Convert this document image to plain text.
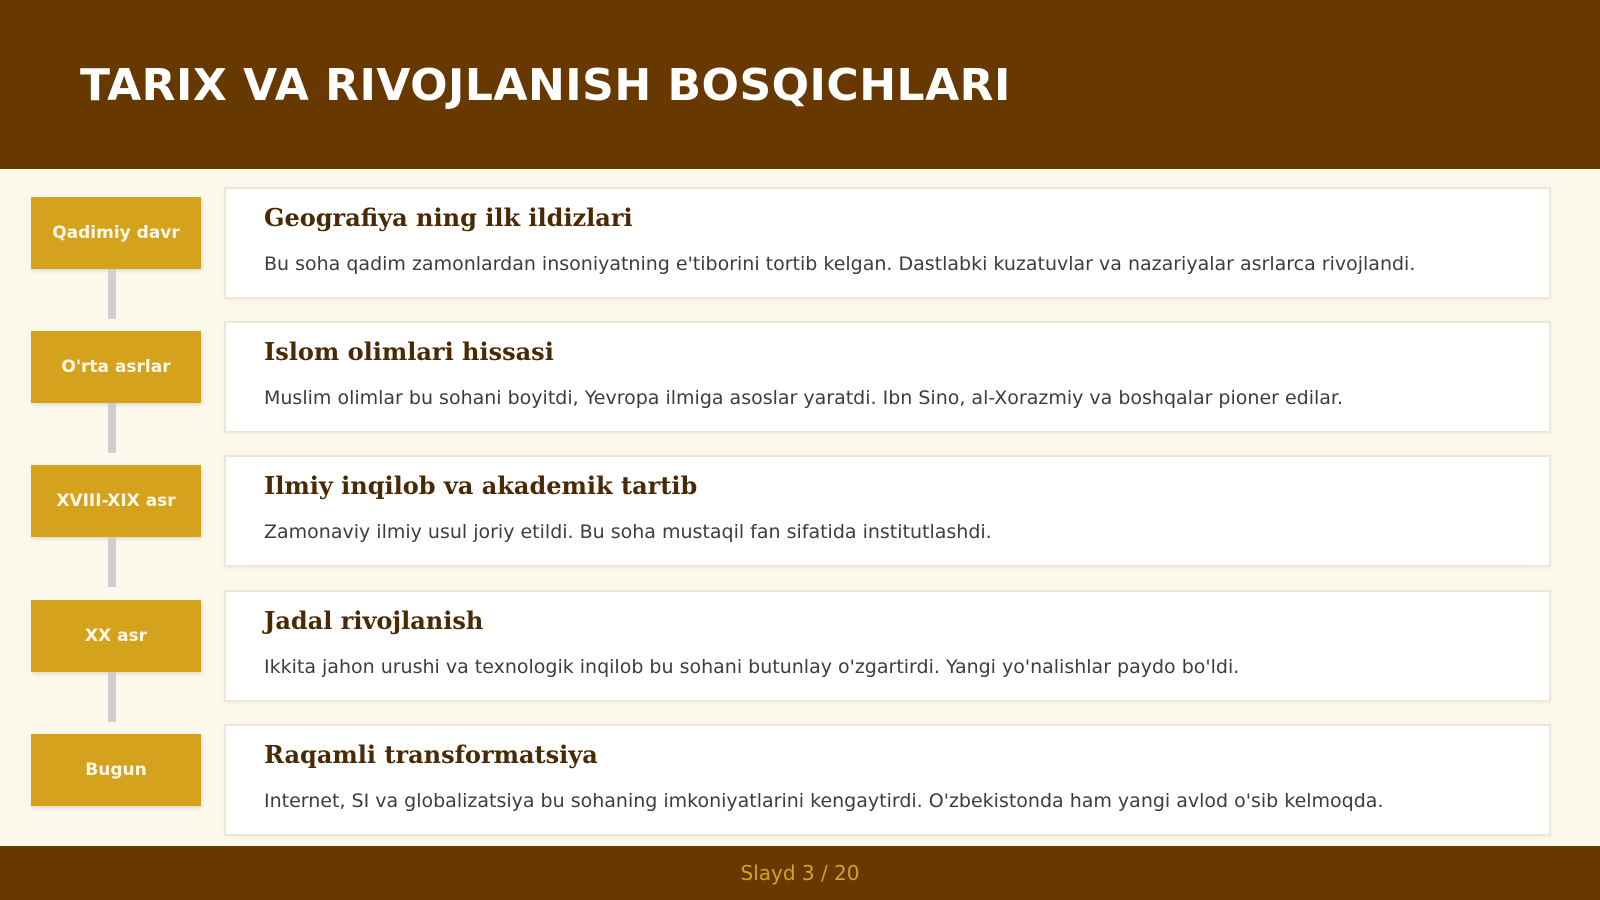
TARIX VA RIVOJLANISH BOSQICHLARI
Qadimiy davr
Geografiya ning ilk ildizlari
Bu soha qadim zamonlardan insoniyatning e'tiborini tortib kelgan. Dastlabki kuzatuvlar va nazariyalar asrlarca rivojlandi.
O'rta asrlar
Islom olimlari hissasi
Muslim olimlar bu sohani boyitdi, Yevropa ilmiga asoslar yaratdi. Ibn Sino, al-Xorazmiy va boshqalar pioner edilar.
XVIII-XIX asr
Ilmiy inqilob va akademik tartib
Zamonaviy ilmiy usul joriy etildi. Bu soha mustaqil fan sifatida institutlashdi.
XX asr
Jadal rivojlanish
Ikkita jahon urushi va texnologik inqilob bu sohani butunlay o'zgartirdi. Yangi yo'nalishlar paydo bo'ldi.
Bugun
Raqamli transformatsiya
Internet, SI va globalizatsiya bu sohaning imkoniyatlarini kengaytirdi. O'zbekistonda ham yangi avlod o'sib kelmoqda.
Slayd 3 / 20
